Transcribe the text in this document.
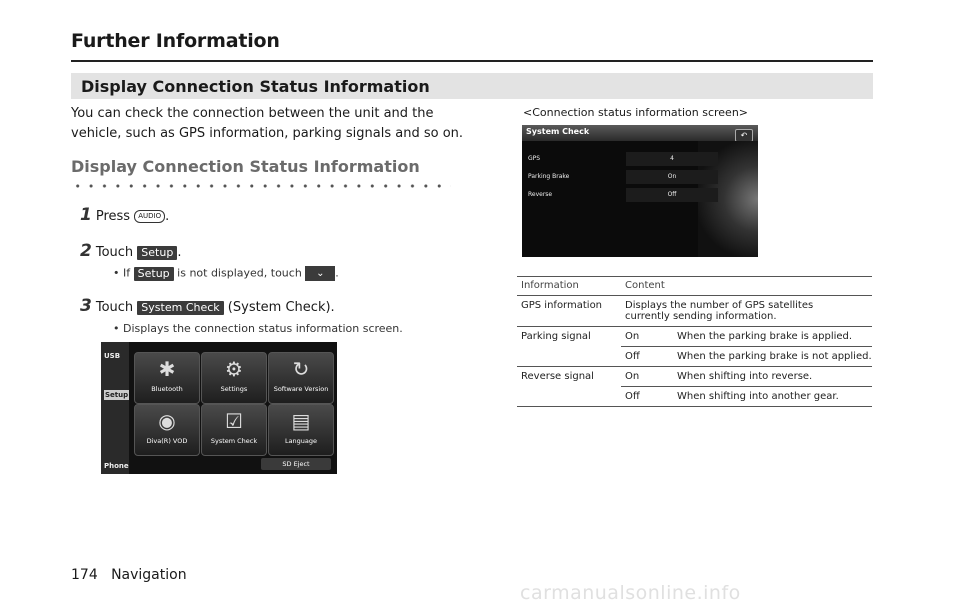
Further Information
Display Connection Status Information
You can check the connection between the unit and the
vehicle, such as GPS information, parking signals and so on.
Display Connection Status Information
1 Press AUDIO .
2 Touch Setup .
• If Setup is not displayed, touch ⌄ .
3 Touch System Check (System Check).
• Displays the connection status information screen.
USB
Setup
Phone
✱
Bluetooth
⚙
Settings
↻
Software Version
◉
Diva(R) VOD
☑
System Check
▤
Language
SD Eject
<Connection status information screen>
System Check	↶
GPS	4
Parking Brake	On
Reverse	Off
Information	Content	
GPS information	Displays the number of GPS satellites currently sending information.	
Parking signal	On	When the parking brake is applied.
	Off	When the parking brake is not applied.
Reverse signal	On	When shifting into reverse.
	Off	When shifting into another gear.
174   Navigation
carmanualsonline.info
